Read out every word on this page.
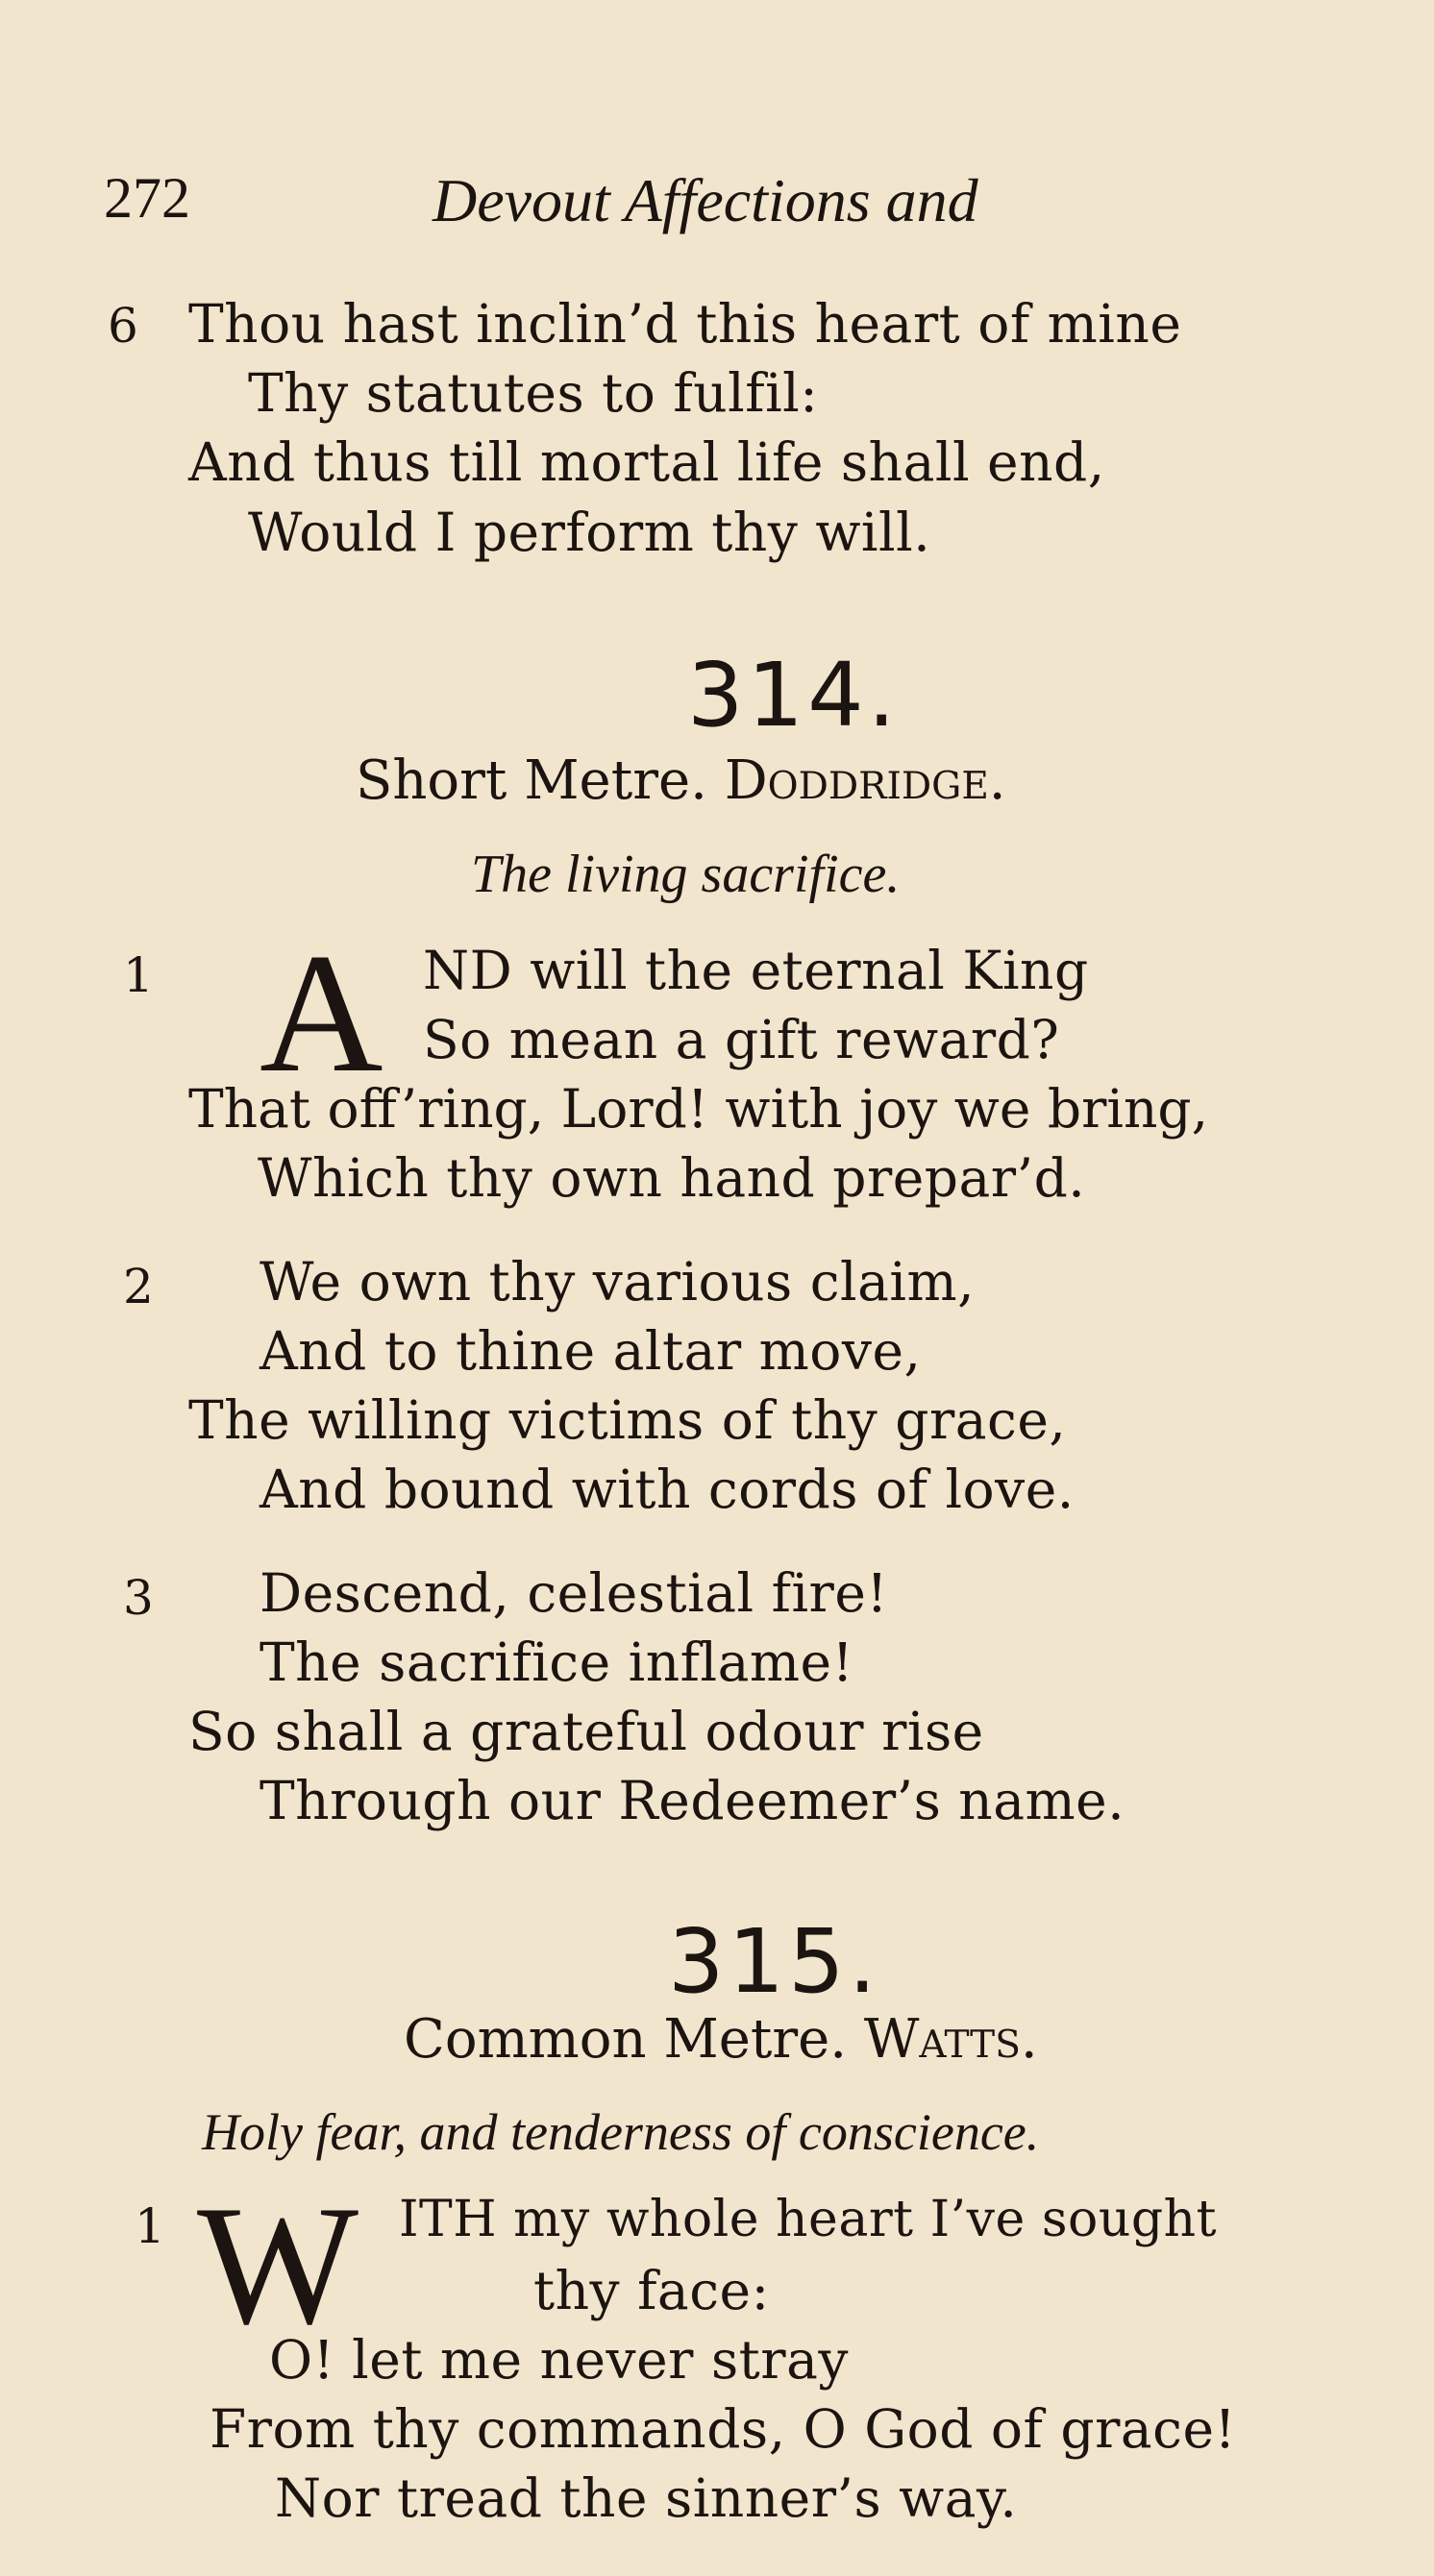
272	Devout Affections and
6 Thou hast inclin’d this heart of mine
Thy statutes to fulfil:
And thus till mortal life shall end,
Would I perform thy will.
314.
Short Metre. Doddridge.
The living sacrifice.
1 A ND will the eternal King
So mean a gift reward?
That off’ring, Lord! with joy we bring,
Which thy own hand prepar’d.
2 We own thy various claim,
And to thine altar move,
The willing victims of thy grace,
And bound with cords of love.
3 Descend, celestial fire!
The sacrifice inflame!
So shall a grateful odour rise
Through our Redeemer’s name.
315.
Common Metre. Watts.
Holy fear, and tenderness of conscience.
1 W ITH my whole heart I’ve sought
thy face:
O! let me never stray
From thy commands, O God of grace!
Nor tread the sinner’s way.
